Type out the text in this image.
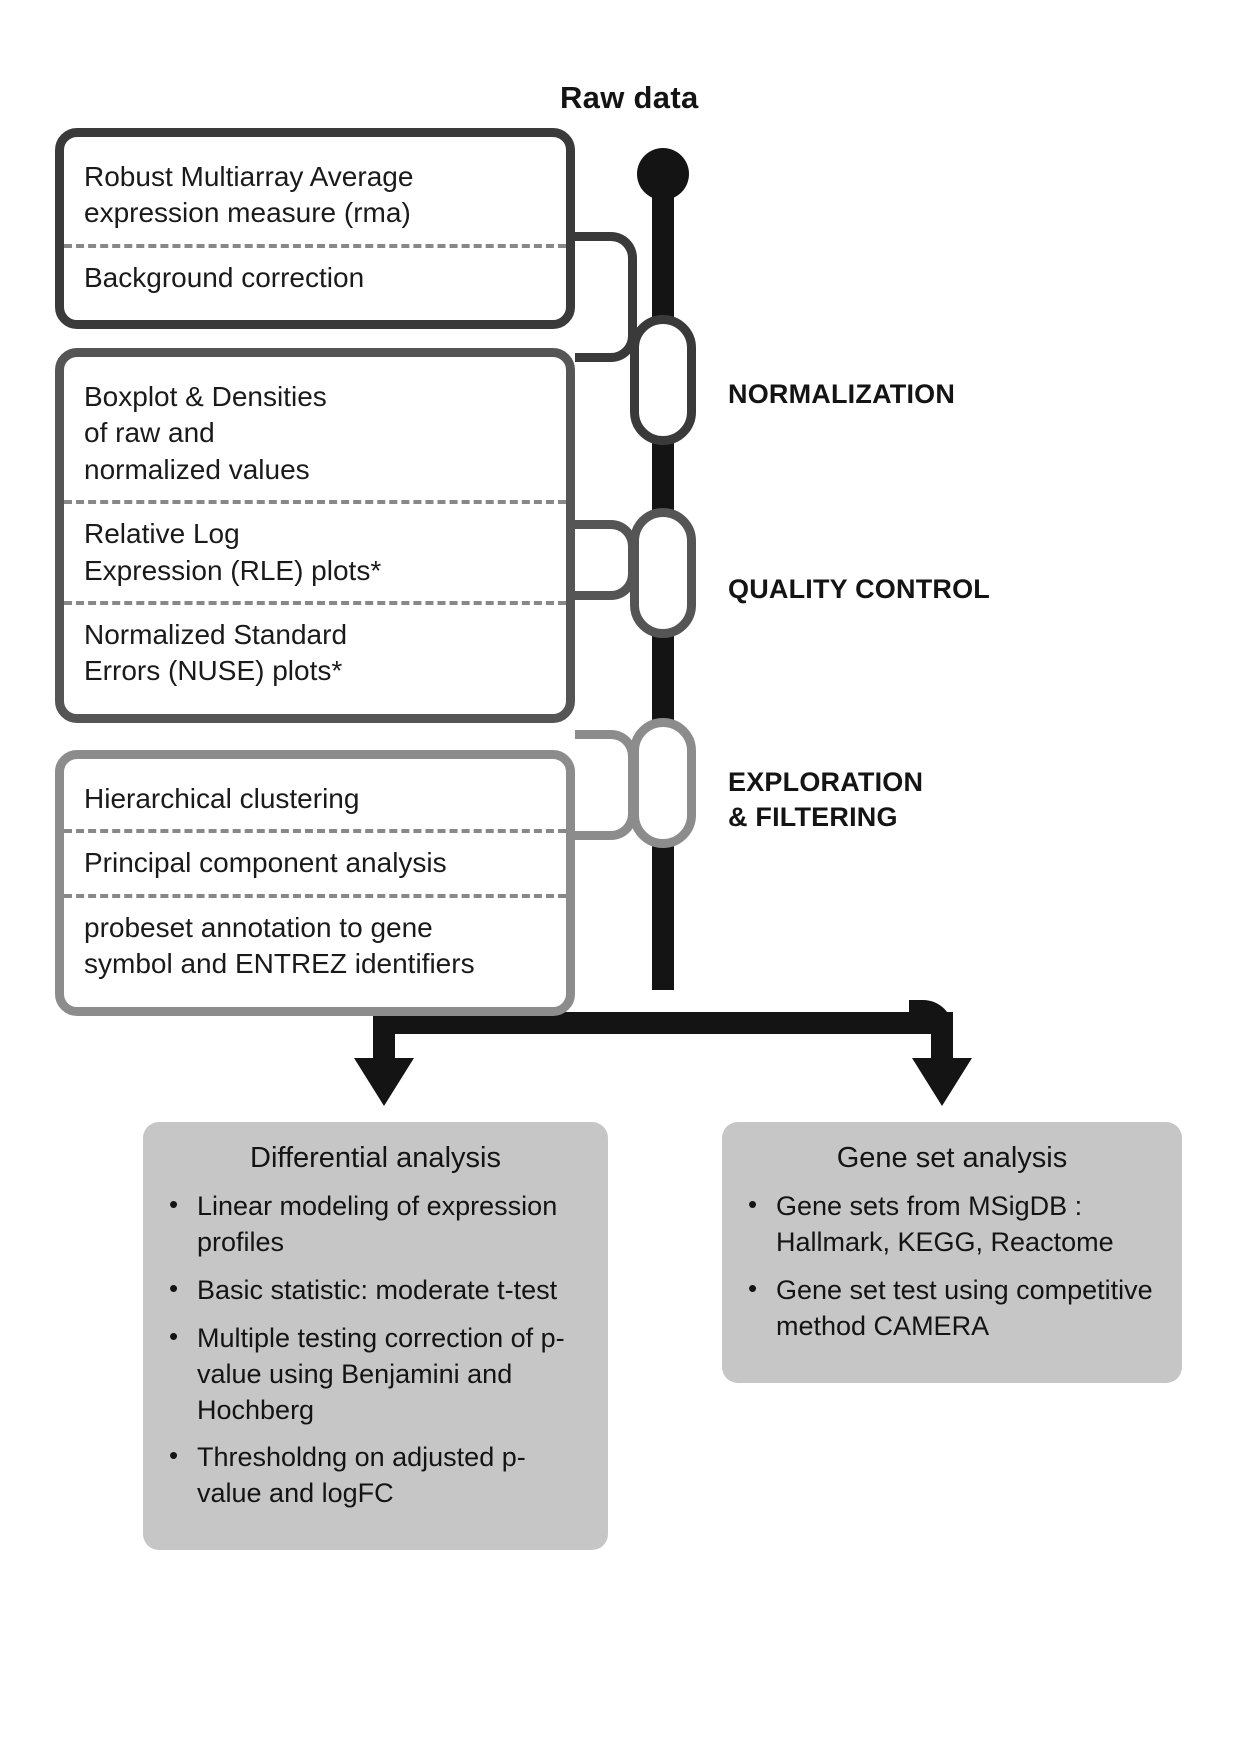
Raw data
NORMALIZATION
QUALITY CONTROL
EXPLORATION
& FILTERING
Robust Multiarray Average
expression measure (rma)
Background correction
Boxplot & Densities
of raw and
normalized values
Relative Log
Expression (RLE) plots*
Normalized Standard
Errors (NUSE) plots*
Hierarchical clustering
Principal component analysis
probeset annotation to gene
symbol and ENTREZ identifiers
Differential analysis
• Linear modeling of expression profiles
• Basic statistic: moderate t-test
• Multiple testing correction of p-value using Benjamini and Hochberg
• Thresholdng on adjusted p-value and logFC
Gene set analysis
• Gene sets from MSigDB : Hallmark, KEGG, Reactome
• Gene set test using competitive method CAMERA
